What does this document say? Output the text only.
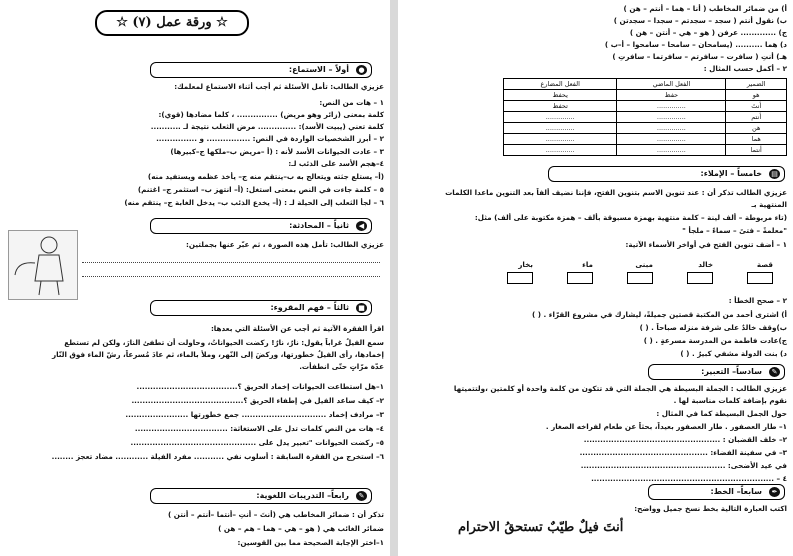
☆ ورقة عمل (٧) ☆
●
أولاً – الاستماع:
عزيزي الطالب: تأمل الأسئلة ثم أجب أثناء الاستماع لمعلمك:
١ – هات من النص:
كلمة بمعنى (زائر وهو مريض) ............... ، كلما مضادها (قوي):
كلمة تعني (يبيت الأسد): .............. مرض الثعلب نتيجة لـ ...........
٢ – أبرز الشخصيات الواردة في النص: ................ و ...............
٣ – عادت الحيوانات الأسد لأنه : (أ –مريض ب–ملكها ج–كبيرها)
٤–هجم الأسد على الذئب لـ:
(أ– يستلع جثته ويتعالج به ب–ينتقم منه ج– يأخذ عظمه ويستفيد منه)
٥ – كلمة جاءت في النص بمعنى استغل: (أ– انتهز ب– استثمر ج– اغتنم)
٦ – لجأ الثعلب إلى الحيلة لـ : (أ– يخدع الذئب ب– يدخل الغابة ج– ينتقم منه)
◀
ثانياً – المحادثة:
عزيزي الطالب: تأمل هذه الصورة ، ثم عبّر عنها بجملتين:
■
ثالثاً – فهم المقروء:
اقرأ الفقرة الآتية ثم أجب عن الأسئلة التي بعدها:
سمع الفيلُ غراباً يقول: نارٌ، نارٌ! ركضت الحيواناتُ، وحاولت أن تطفئ النارَ، ولكن لم تستطع
إخمادها، رأى الفيلُ خطورتها، وركضَ إلى النّهرِ، وملأ بالماء، ثم عادَ مُسرعاً، رشّ الماء فوق النّار
عدّة مرّاتٍ حتّى انطفأت.
١–هل استطاعت الحيوانات إخماد الحريق ؟.....................................
٢– كيف ساعد الفيل في إطفاء الحريق ؟.........................................
٣– مرادف إخماد ............................... جمع خطورتها .......................
٤– هات من النص كلمات تدل على الاستغاثة: ..................................
٥– ركضت الحيوانات "تعبير يدل على ..............................................
٦– استخرج من الفقرة السابقة : أسلوب نفي ........... مفرد الفيلة ............ مضاد تعجز ........
✎
رابعاً– التدريبات اللغوية:
تذكر أن : ضمائر المخاطب هي (أنتَ – أنتِ –أنتما –أنتم – أنتن )
ضمائر الغائب هي ( هو – هي – هما – هم – هن )
١–اختر الإجابة الصحيحة مما بين القوسين:
أ) من ضمائر المخاطب ( أنا – هما – أنتم – هن )
ب) نقول أنتم ( سجد – سجدتم – سجدا – سجدتن )
ج) ............. عرفن ( هو – هي – أنتن – هن )
د) هما .......... (يسامحان – سامحا – سامحوا – أ–ب )
هـ) أنتِ ( سافرت – سافرتم – سافرتما – سافرتِ )
٢ – أكمل حسب المثال :
الضمير	الفعل الماضي	الفعل المضارع
هو	حفظ	يحفظ
أنتَ	..............	تحفظ
أنتم	..............	..............
هن	..............	..............
هما	..............	..............
أنتما	..............	..............
▤
خامساً – الإملاء:
عزيزي الطالب تذكر أن : عند تنوين الاسم بتنوين الفتح، فإننا نضيف ألفاً بعد التنوين ماعدا الكلمات
المنتهية بـ
(تاء مربوطة – ألف لينة – كلمة منتهية بهمزة مسبوقة بألف – همزة مكتوبة على ألف) مثل:
"معلمةً – فتىً – سماءً – ملجأً "
١ – أضف تنوين الفتح في أواخر الأسماء الآتية:
قصة
خالد
مبنى
ماء
بخار
٢ – صحح الخطأ :
أ) اشترى أحمد من المكتبة قصتين جميلةً، ليشارك في مشروع القرّاء . ( )
ب)وقف خالدٌ على شرفة منزله صباحاً . ( )
ج)عادت فاطمة من المدرسة مسرعةٍ . ( )
د) بنت الدولة مشفىٍ كبيرٌ . ( )
✎
سادساً– التعبير:
عزيزي الطالب : الجملة البسيطة هي الجملة التي قد تتكون من كلمة واحدة أو كلمتين ،ولتتميتها
نقوم بإضافة كلمات مناسبة لها .
حول الجمل البسيطة كما في المثال :
١– طار العصفور . طار العصفور بعيداً، بحثاً عن طعام لفراخه الصغار .
٢– خلف القضبان : ..................................................
٣– في سفينة الفضاء: ...............................................
في عيد الأضحى: .....................................................
٤ – ...................................................................
✒
سابعاً– الخط:
اكتب العبارة التالية بخط نسخ جميل وواضح:
أنتَ فيلٌ طيّبٌ تستحقُ الاحترام
